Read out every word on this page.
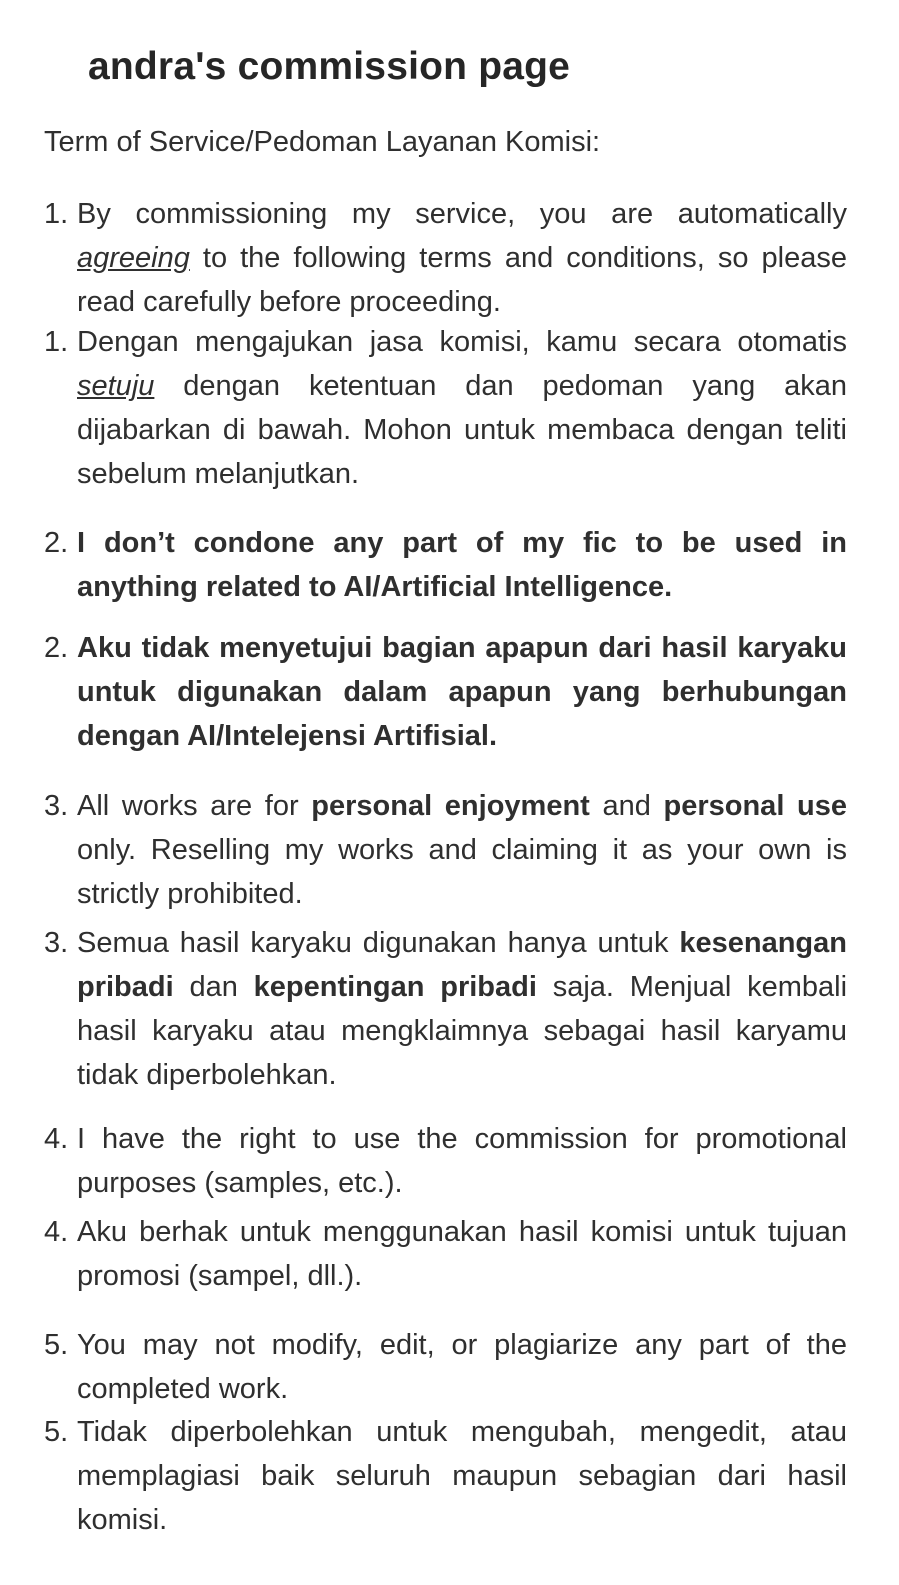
andra's commission page

Term of Service/Pedoman Layanan Komisi:

1. By commissioning my service, you are automatically agreeing to the following terms and conditions, so please read carefully before proceeding.
1. Dengan mengajukan jasa komisi, kamu secara otomatis setuju dengan ketentuan dan pedoman yang akan dijabarkan di bawah. Mohon untuk membaca dengan teliti sebelum melanjutkan.
2. I don’t condone any part of my fic to be used in anything related to AI/Artificial Intelligence.
2. Aku tidak menyetujui bagian apapun dari hasil karyaku untuk digunakan dalam apapun yang berhubungan dengan AI/Intelejensi Artifisial.
3. All works are for personal enjoyment and personal use only. Reselling my works and claiming it as your own is strictly prohibited.
3. Semua hasil karyaku digunakan hanya untuk kesenangan pribadi dan kepentingan pribadi saja. Menjual kembali hasil karyaku atau mengklaimnya sebagai hasil karyamu tidak diperbolehkan.
4. I have the right to use the commission for promotional purposes (samples, etc.).
4. Aku berhak untuk menggunakan hasil komisi untuk tujuan promosi (sampel, dll.).
5. You may not modify, edit, or plagiarize any part of the completed work.
5. Tidak diperbolehkan untuk mengubah, mengedit, atau memplagiasi baik seluruh maupun sebagian dari hasil komisi.
